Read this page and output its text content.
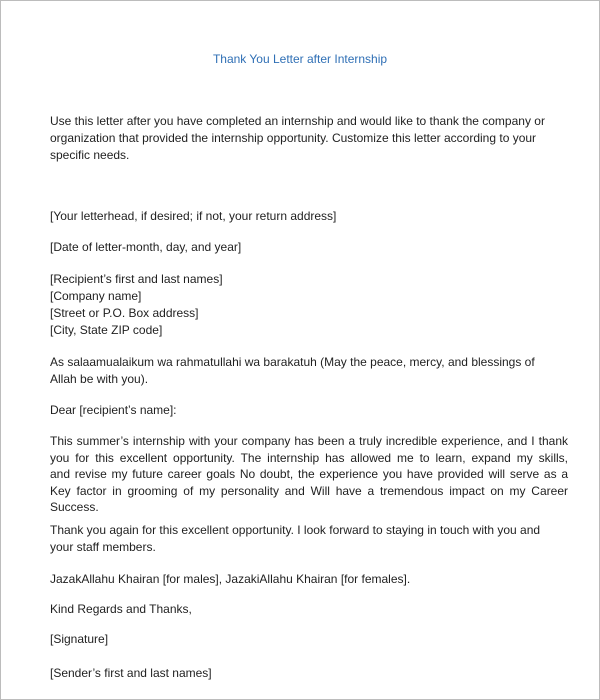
Thank You Letter after Internship
Use this letter after you have completed an internship and would like to thank the company or
organization that provided the internship opportunity. Customize this letter according to your
specific needs.
[Your letterhead, if desired; if not, your return address]
[Date of letter-month, day, and year]
[Recipient’s first and last names]
[Company name]
[Street or P.O. Box address]
[City, State ZIP code]
As salaamualaikum wa rahmatullahi wa barakatuh (May the peace, mercy, and blessings of
Allah be with you).
Dear [recipient’s name]:
This summer’s internship with your company has been a truly incredible experience, and I thank
you for this excellent opportunity. The internship has allowed me to learn, expand my skills,
and revise my future career goals No doubt, the experience you have provided will serve as a
Key factor in grooming of my personality and Will have a tremendous impact on my Career
Success.
Thank you again for this excellent opportunity. I look forward to staying in touch with you and
your staff members.
JazakAllahu Khairan [for males], JazakiAllahu Khairan [for females].
Kind Regards and Thanks,
[Signature]
[Sender’s first and last names]
